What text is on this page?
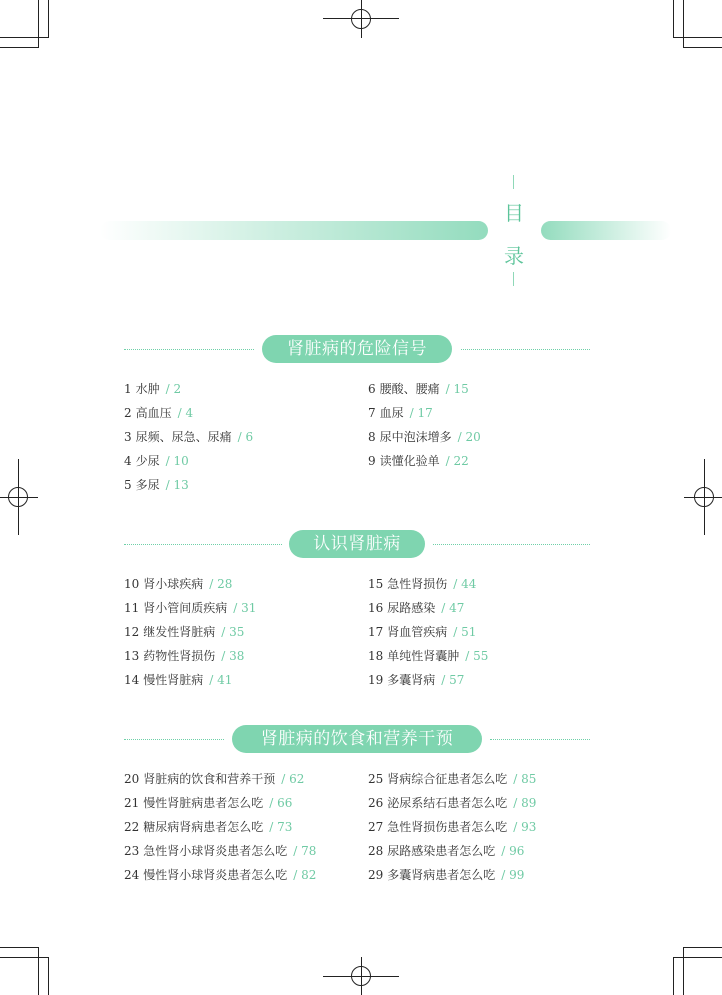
目
录
肾脏病的危险信号
认识肾脏病
肾脏病的饮食和营养干预
1 水肿 / 2
2 高血压 / 4
3 尿频、尿急、尿痛 / 6
4 少尿 / 10
5 多尿 / 13
6 腰酸、腰痛 / 15
7 血尿 / 17
8 尿中泡沫增多 / 20
9 读懂化验单 / 22
10 肾小球疾病 / 28
11 肾小管间质疾病 / 31
12 继发性肾脏病 / 35
13 药物性肾损伤 / 38
14 慢性肾脏病 / 41
15 急性肾损伤 / 44
16 尿路感染 / 47
17 肾血管疾病 / 51
18 单纯性肾囊肿 / 55
19 多囊肾病 / 57
20 肾脏病的饮食和营养干预 / 62
21 慢性肾脏病患者怎么吃 / 66
22 糖尿病肾病患者怎么吃 / 73
23 急性肾小球肾炎患者怎么吃 / 78
24 慢性肾小球肾炎患者怎么吃 / 82
25 肾病综合征患者怎么吃 / 85
26 泌尿系结石患者怎么吃 / 89
27 急性肾损伤患者怎么吃 / 93
28 尿路感染患者怎么吃 / 96
29 多囊肾病患者怎么吃 / 99
